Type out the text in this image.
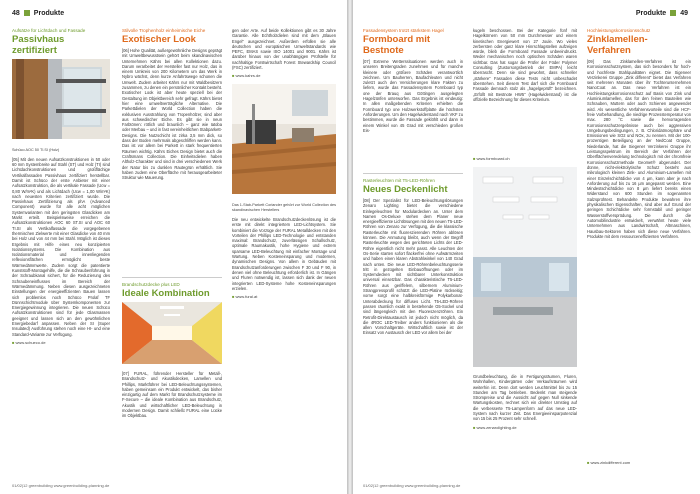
48 Produkte
Aufsätze für Lichtdach und Fassade
Passivhaus zertifiziert
Schüco AOC 50 TI.SI (Holz)
[05] Mit den neuen Aufsatzkonstruktionen in 50 oder 60 mm Systembreite auf Stahl (ST) und Holz (TI) sind Lichtdachkonstruktionen und großflächige Vertikalfassaden Passivhaus zertifiziert herstellbar. Damit ist Schüco der erste Anbieter mit einer Aufsatzkonstruktion, die als vertikale Fassade (Ucw = 0,80 W/m²K) und als Lichtdach (Ucw = 1,00 W/m²K) nach neuesten Kriterien zertifiziert wurde. Die Passivhaus Zertifizierung als phA (Advanced Component) wurde für alle acht möglichen Systemvarianten mit den geringsten Glasdicken am Markt erteilt. Beispielsweise erreichen die Aufsatzkonstruktionen AOC 60 ST.SI und AOC 60 TI.SI als Vertikalfassade die vorgegebenen thermischen Zielwerte mit einer Glasdicke von 40 mm bei Holz und von 44 mm bei Stahl. Möglich ist dieses Ergebnis mit Hilfe eines neu konzipierten Isolationssystems. Die Kombination aus Isolationsmaterial und innenliegenden reflexionsflächen ermöglicht beste Wärmedämmwerte. Zudem sorgt die patentierte Kunststoff-Montagehilfe, die die Schraubenführung in der Schraubkanal sichert, für die Reduzierung des Schraubeneinflusses im Bereich der Wärmedämmung. Neben diesen ausgezeichneten Einstellungen der energieeffizienten Bauen lassen sich problemlos noch Schüco Prolaf TF Dünnschichtmodule über Systemkomponenten zur Energiegewinnung integrieren. Die neuen Schüco Aufsatzkonstruktionen sind für jede Glasmassen geeignet und lassen sich an den gewöhnlichen Energiebedarf anpassen. Neben der SI (Super Insulated) Ausführung stehen noch eine HI- und eine Standard-Variante zur Verfügung.
■ www.schueco.de
Stilvolle Trophenholz einheimische Eiche
Exotischer Look
[06] Hohe Qualität, außergewöhnliche Designs geprägt mit Umweltbewusstsein gehört beim skandinavischen Unternehmen Kährs bei allen Kollektionen dazu. Darum verarbeitet der Hersteller fast nur Holz, das in einem Umkreis von 200 Kilometern um das Werk in Nybro wächst, denn kurze Anfahrtswege schonen die Umwelt. Zudem arbeitet Kährs nur mit Waldbesitzern zusammen, zu denen ein persönlicher Kontakt besteht. Exotischer Look ist aber heute speziell bei der Gestaltung im Objektbereich sehr gefragt. Kährs bietet hier eine umweltverträgliche Alternative. Die Parkettdielen der World Collection haben die exklusiven Ausstrahlung von Tropenhölzer, sind aber aus schwedischer Eiche. Es gibt sie in neun Farbtönen: rötlich und braunlich – ganz wie Iatoba oder Merbau – und in fast vereinheitlichen Stabparkett-Designs. Die Nutzschicht ist zirka 3,5 mm dick, so dass der Boden mehrmals abgeschliffen werden kann. Das ist vor allem bei Parkett in stark frequentierten Räumen wichtig. Kährs Eiches Design bietet auch die Craftsmans Collection. Die Einheitsdielen haben Altholz-Charakter und sind in drei verschiedenen Werk der Natur bis zu dunklen Rautegrün erhältlich. Sie haben zudem eine Oberfläche mit herausgearbeiteter Struktur wie Mauerung.
Brandschutzdecke plus LED
Ideale Kombination
[07] FURAL, führender Hersteller für Metall-, Brandschutz- und Akustikdecken, Lamellen und Phillips, Marktführer bei LED-Beleuchtungssystemen, haben gemeinsam ein Produkt entwickelt, das bisher einzigartig auf dem Markt für Brandschutzsysteme im F-Secure – die ideale Kombination aus Brandschutz, Akustik und wirtschaftlicher LED-Beleuchtung in modernen Design. Damit schließt FURAL eine Lücke im Objektbau.
gen oder Arte. Auf beide Kollektionen gibt es 30 Jahre Garantie. Alle Echtholzdielen sind mit dem „Blauen Engel“ ausgezeichnet. Außerdem erfüllen sie alle deutschen und europäischen Umweltstandards wie PEFC, EMAS sowie ISO 14001 und 9001. Kährs ist darüber hinaus von der unabhängigen Prüfstelle für nachhaltige Forstwirtschaft Forest Stewardship Council (FSC) zertifiziert.
■ www.kahrs.de
Das 1-Stab-Parkett Coriander gehört zur World Collection des skandinavischen Herstellers
Die neu entwickelte Brandschutzdeckenlösung ist die erste mit direkt integriertem LED-Lichtsystem. Sie kombiniert die Vorzüge der FURAL Metalldecken mit den Vorteilen der Phillips LED-Technologie und entstanden maximal: Brandschutz, zuverlässigen Schallschutz, optimale Raumakustik, hohe Hygiene und extrem sparsame LED-Beleuchtung mit einfacher Montage und Wartung. Neben Kosteneinsparung und modernen, dynamischen Designs. Von allem in Gebäuden mit Brandschutzanforderungen zwischen F 30 und F 90, in denen viel ohne Beleuchtung erforderlich ist. In Gängen und Fluren notwendig ist, lassen sich dank der neuen integrierten LED-Systeme hohe Kosteneinsparungen erzielen.
■ www.fural.at
01/02|12 greenbuilding www.greenbuilding-planning.de
Produkte 49
Fassadensystem trotzt stärkstem Hagel
Formboard mit Bestnote
[07] Extreme Wetterssituationen werden auch in unseren Breitengraden zunehmen und für manche kleinere oder größere Schäden verantwortlich zeichnen. Um Bauherren, Baufachleuten und nicht zuletzt auch den Versicherungen klare Fakten zu liefern, wurde das Fassadensystem Formboard typ one der Brauq aus Göttingen ausgelegten Hagelzünfen unterworfen. Das Ergebnis ist eindeutig: In allen maßgebenden Kriterien erhielten die Formboard typ one Holzwerkstoffplatte die höchsten Anforderungen. Um den Hagelwiderstand nach VKF zu bestimmen, wurde die Fassade geklöhlt und dann in einem Winkel von 45 Grad mit verschieden großen Eis-
Rasterleuchten mit T5-LED-Röhren
Neues Deckenlicht
[08] Der Spezialist für LED-Beleuchtungslösungen Zenaro Lighting bietet die verschiedene Einlegeleuchten für Modulardecken an. Unter dem Namen Os-Deluxe stehen dem Planer neue energieeffiziente Lichtlösungen mit den neuen T5-LED-Röhren von Zenaro zur Verfügung, die die klassische Rasterleuchte mit fluoreszierenden Röhren ablösen können. Die Anmutung bleibt, auch wenn der Begriff Rasterleuchte wegen des gerichteten Lichts der LED-Röhre eigentlich nicht mehr passt. Alle Leuchten der Os-Serie starten sofort flackerfrei ohne Aufwärmzeiten und haben einen klaren Abstrahlwinkel von 140 Grad nach unten. Die neue LED-Röhrenbeleuchtungsserie tritt in gezügelten Einbauöffnungen oder im Systemdecken mit sichtbarer Unterkonstruktion universal einsetzbar. Das charakteristische T5-LED-Röhren aus geriffelem, silbernem Aluminium-Strangpressprofil schützt die LED-Platine rückseitig; vorne sorgt eine halbkreisförmige Polykarbonat-Unterabdeckung für diffuses Licht. T5-LED-Röhren passen räumlich exakt in bestehende G5-Sockel und sind längengleich mit den Fluoreszenzröhren. Ein Retrofit-Direktaustausch ist jedoch nicht möglich, da die 4ROC LED-Treiber anders funktionieren als die allen Vorschaltgeräte. Wirtschaftlich sowie ist der Einsatz von Austausch der LED vor allem bei der
kugeln beschossen. Bei der Kategorie fünf mit Hagelkörnern von 50 mm Durchmesser und einem kinetischen Energiewert von 27 Joule. Wo vieles zerbersten oder ganz klare Hinrschlagstellen aufzeigen würde, blieb die Formboard Fassade unbeeindruckt. Weder mechanischen noch optischen Schäden waren sichtbar. Das hat sogar die Prüfer der Föder Polymer Consulting (Zustorsorgsbetrieb der EMPA) leicht überrascht. Denn sie sind gewohnt, dass schneller „stärkere“ Fassaden diese Tests nicht unbeschadet überstehen. Seit diesem Test darf sich die Formboard Fassade demnach stolz als „hagelgeprüft“ bezeichnen. „Erfüllt mit Bestnote HW5“ (Hagelwiderstand) ist die offizielle Bezeichnung für dieses Kriterium.
■ www.formboard.ch
Grundbeleuchtung, die in Fertigungsräumen, Fluren, Wohnhallen, Kindergärten oder Verkaufsräumen wird weiterhin ist. Denn dort werden Leuchtmittel bis zu 15 Stunden am Tag betrieben. Bedenkt man steigende Strompreise und die Aussicht auf gegen Null sinkende Wartungskosten, rechnet sich ein direkter Umstieg auf die verbesserte T5-Lampenform auf das neue LED-System nach kurzer Zeit. Das Energieeinsparpotenzial von 15 bis 25 Prozent sehr schnell.
■ www.zenarolighting.de
Hochleistungskorrosionsschutz
Zinklamellen-Verfahren
[09] Das Zinklamellen-Verfahren ist ein Korrosionsschutzsystem, das sich besonders für hoch- und hochfeste Stahlqualitäten eignet. Die Sigeneer Verzinkerei Gruppe „Zink different“ bietet das Verfahren seit mehreren Monaten über ihr Tochterunternehmen NanoCoat an. Das neue Verfahren ist ein Hochleistungskorrosionsschutz auf Basis von Zink und Aluminiumlamellen, das für den feinen Bauteilen wie Schrauben, Muttern oder auch Schienen angewendet wird. Als wesentliche Verfahrensvorteile sind die HCF-freie Vorbehandlung, die niedrige Prozesstemperatur von max. 280 °C sowie die hervorragenden Korrosionsschutzergebnisse auch bei aggressiven Umgebungsbedingungen, z. B. Chloridatmosphäre und Emissionen wie SO2 und NOx, zu nennen. Mit der 100-prozentigen Beteiligung an der NedCoat Gruppe, Niederlande, hat die Siegener Verzinkerei Gruppe ihr Leistungsspektrum im Bereich der Verfahren der Oberflächenveredelung technologisch mit der chromfreie Korrosionsschutzmethode Geomet® abgerundet. Der dünne, nicht-elektrolytische Schutz besteht aus mikrologisch kleinen Zink- und Aluminium-Lamellen mit einer Einzelschichtdicke von 4 µm, kann aber je nach Anforderung auf bis zu 16 µm angepasst werden. Eine Mindestschichtdicke von 8 µm liefert bereits einen Widerstand von 600 Stunden im sogenannten Salzsprühtest. Behandelte Produkte bewahren ihre physikalischen Eigenschaften, sind aber auf Grund der geringen Schichtdicke sehr formstabil und geringer Wasserstoffversprödung. Die durch die Automobilindustrie entwickelt, verwähnt heute viele Unternehmen aus Landwirtschaft, Altmaschinen, Hausbau-Sektoren haben sich diese neue Verfahren. Produkte mit dem ressourceneffizienten Verfahren.
■ www.zinkdifferent.com
01/02|12 greenbuilding www.greenbuilding-planning.de
